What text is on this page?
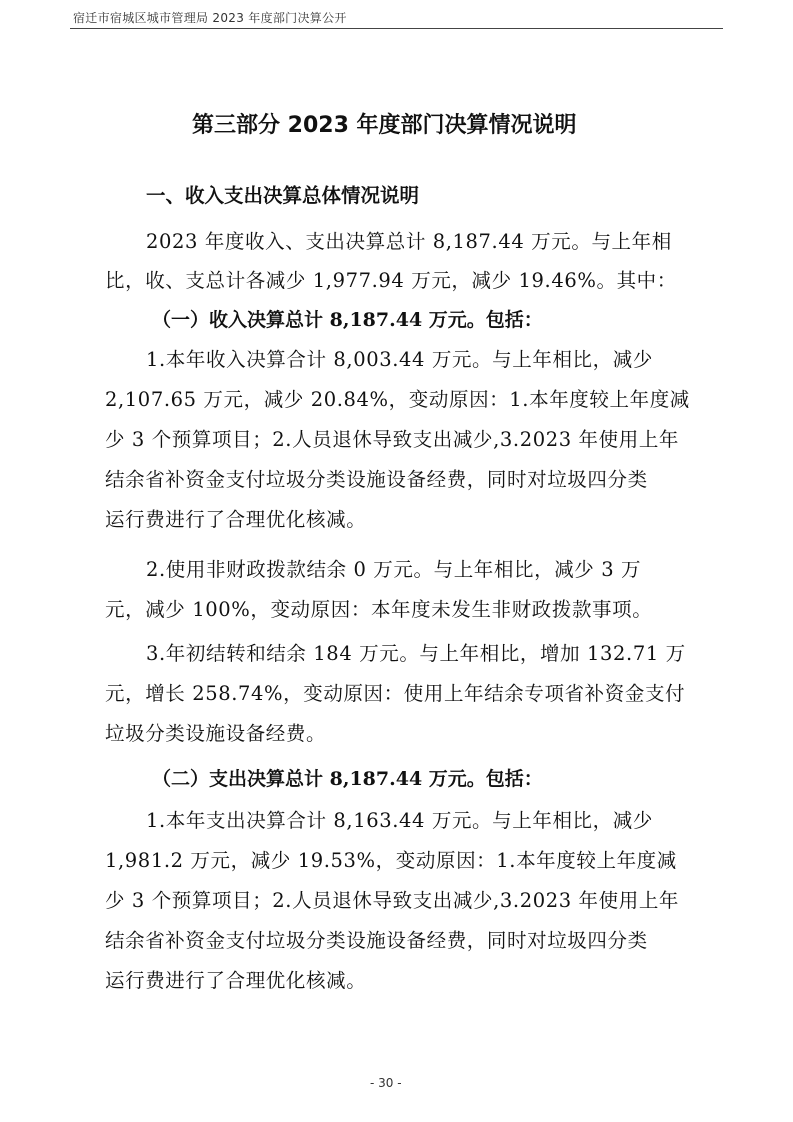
宿迁市宿城区城市管理局 2023 年度部门决算公开
第三部分 2023 年度部门决算情况说明
一、收入支出决算总体情况说明
2023 年度收入、支出决算总计 8,187.44 万元。与上年相
比，收、支总计各减少 1,977.94 万元，减少 19.46%。其中：
（一）收入决算总计 8,187.44 万元。包括：
1.本年收入决算合计 8,003.44 万元。与上年相比，减少
2,107.65 万元，减少 20.84%，变动原因：1.本年度较上年度减
少 3 个预算项目；2.人员退休导致支出减少,3.2023 年使用上年
结余省补资金支付垃圾分类设施设备经费，同时对垃圾四分类
运行费进行了合理优化核减。
2.使用非财政拨款结余 0 万元。与上年相比，减少 3 万
元，减少 100%，变动原因：本年度未发生非财政拨款事项。
3.年初结转和结余 184 万元。与上年相比，增加 132.71 万
元，增长 258.74%，变动原因：使用上年结余专项省补资金支付
垃圾分类设施设备经费。
（二）支出决算总计 8,187.44 万元。包括：
1.本年支出决算合计 8,163.44 万元。与上年相比，减少
1,981.2 万元，减少 19.53%，变动原因：1.本年度较上年度减
少 3 个预算项目；2.人员退休导致支出减少,3.2023 年使用上年
结余省补资金支付垃圾分类设施设备经费，同时对垃圾四分类
运行费进行了合理优化核减。
- 30 -
